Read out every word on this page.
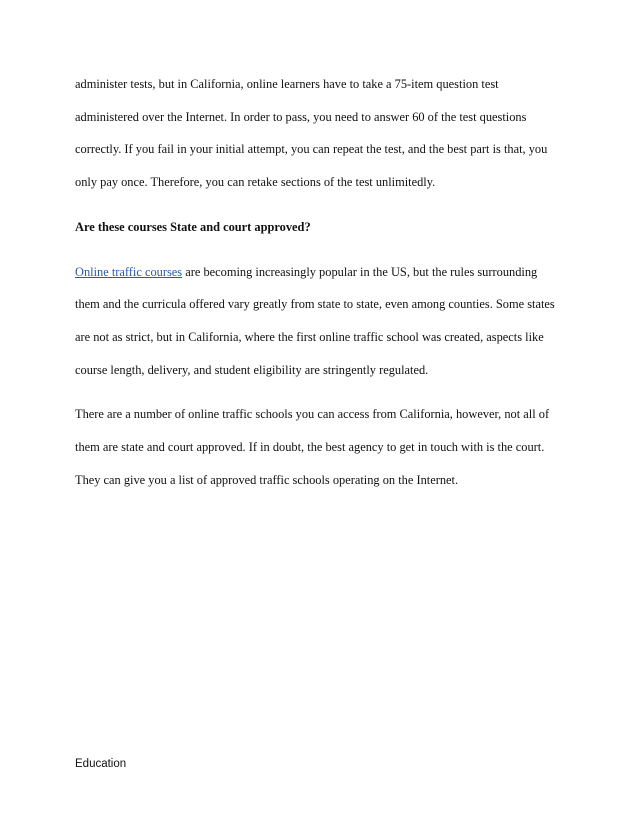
administer tests, but in California, online learners have to take a 75-item question test
administered over the Internet. In order to pass, you need to answer 60 of the test questions
correctly. If you fail in your initial attempt, you can repeat the test, and the best part is that, you
only pay once. Therefore, you can retake sections of the test unlimitedly.

Are these courses State and court approved?

Online traffic courses are becoming increasingly popular in the US, but the rules surrounding
them and the curricula offered vary greatly from state to state, even among counties. Some states
are not as strict, but in California, where the first online traffic school was created, aspects like
course length, delivery, and student eligibility are stringently regulated.

There are a number of online traffic schools you can access from California, however, not all of
them are state and court approved. If in doubt, the best agency to get in touch with is the court.
They can give you a list of approved traffic schools operating on the Internet.

Education
